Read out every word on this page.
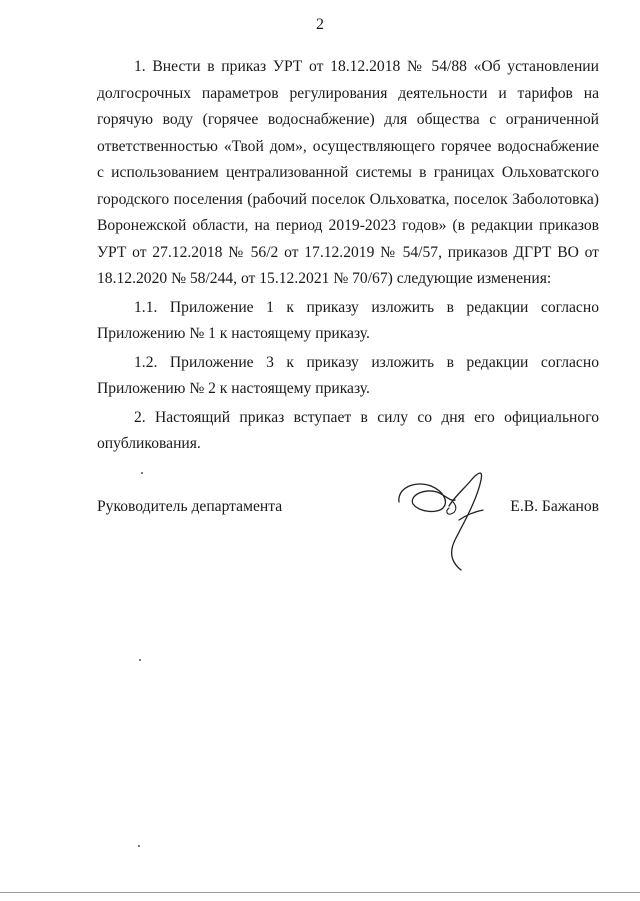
2

1. Внести в приказ УРТ от 18.12.2018 № 54/88 «Об установлении долгосрочных параметров регулирования деятельности и тарифов на горячую воду (горячее водоснабжение) для общества с ограниченной ответственностью «Твой дом», осуществляющего горячее водоснабжение с использованием централизованной системы в границах Ольховатского городского поселения (рабочий поселок Ольховатка, поселок Заболотовка) Воронежской области, на период 2019-2023 годов» (в редакции приказов УРТ от 27.12.2018 № 56/2 от 17.12.2019 № 54/57, приказов ДГРТ ВО от 18.12.2020 № 58/244, от 15.12.2021 № 70/67) следующие изменения:

1.1. Приложение 1 к приказу изложить в редакции согласно Приложению № 1 к настоящему приказу.

1.2. Приложение 3 к приказу изложить в редакции согласно Приложению № 2 к настоящему приказу.

2. Настоящий приказ вступает в силу со дня его официального опубликования.

Руководитель департамента	Е.В. Бажанов
